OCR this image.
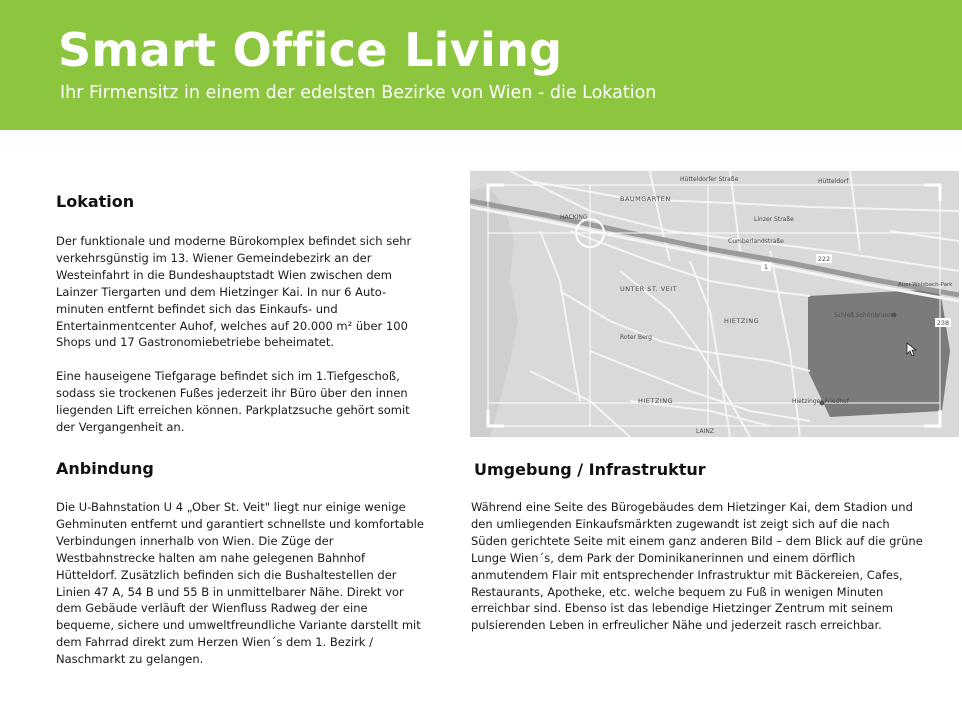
Smart Office Living
Ihr Firmensitz in einem der edelsten Bezirke von Wien - die Lokation
Lokation
Der funktionale und moderne Bürokomplex befindet sich sehr
verkehrsgünstig im 13. Wiener Gemeindebezirk an der
Westeinfahrt in die Bundeshauptstadt Wien zwischen dem
Lainzer Tiergarten und dem Hietzinger Kai. In nur 6 Auto-
minuten entfernt befindet sich das Einkaufs- und
Entertainmentcenter Auhof, welches auf 20.000 m² über 100
Shops und 17 Gastronomiebetriebe beheimatet.
Eine hauseigene Tiefgarage befindet sich im 1.Tiefgeschoß,
sodass sie trockenen Fußes jederzeit ihr Büro über den innen
liegenden Lift erreichen können. Parkplatzsuche gehört somit
der Vergangenheit an.
Anbindung
Die U-Bahnstation U 4 „Ober St. Veit" liegt nur einige wenige
Gehminuten entfernt und garantiert schnellste und komfortable
Verbindungen innerhalb von Wien. Die Züge der
Westbahnstrecke halten am nahe gelegenen Bahnhof
Hütteldorf. Zusätzlich befinden sich die Bushaltestellen der
Linien 47 A, 54 B und 55 B in unmittelbarer Nähe. Direkt vor
dem Gebäude verläuft der Wienfluss Radweg der eine
bequeme, sichere und umweltfreundliche Variante darstellt mit
dem Fahrrad direkt zum Herzen Wien´s dem 1. Bezirk /
Naschmarkt zu gelangen.
Umgebung / Infrastruktur
Während eine Seite des Bürogebäudes dem Hietzinger Kai, dem Stadion und
den umliegenden Einkaufsmärkten zugewandt ist zeigt sich auf die nach
Süden gerichtete Seite mit einem ganz anderen Bild – dem Blick auf die grüne
Lunge Wien´s, dem Park der Dominikanerinnen und einem dörflich
anmutendem Flair mit entsprechender Infrastruktur mit Bäckereien, Cafes,
Restaurants, Apotheke, etc. welche bequem zu Fuß in wenigen Minuten
erreichbar sind. Ebenso ist das lebendige Hietzinger Zentrum mit seinem
pulsierenden Leben in erfreulicher Nähe und jederzeit rasch erreichbar.
222
1
238
Hütteldorfer Straße	Hütteldorf
BAUMGARTEN
Linzer Straße
HACKING
Cumberlandstraße
UNTER ST. VEIT
HIETZING
HIETZING
Roter Berg
Schloß Schönbrunn
Hietzinger Friedhof
Auer-Welsbach-Park
LAINZ
